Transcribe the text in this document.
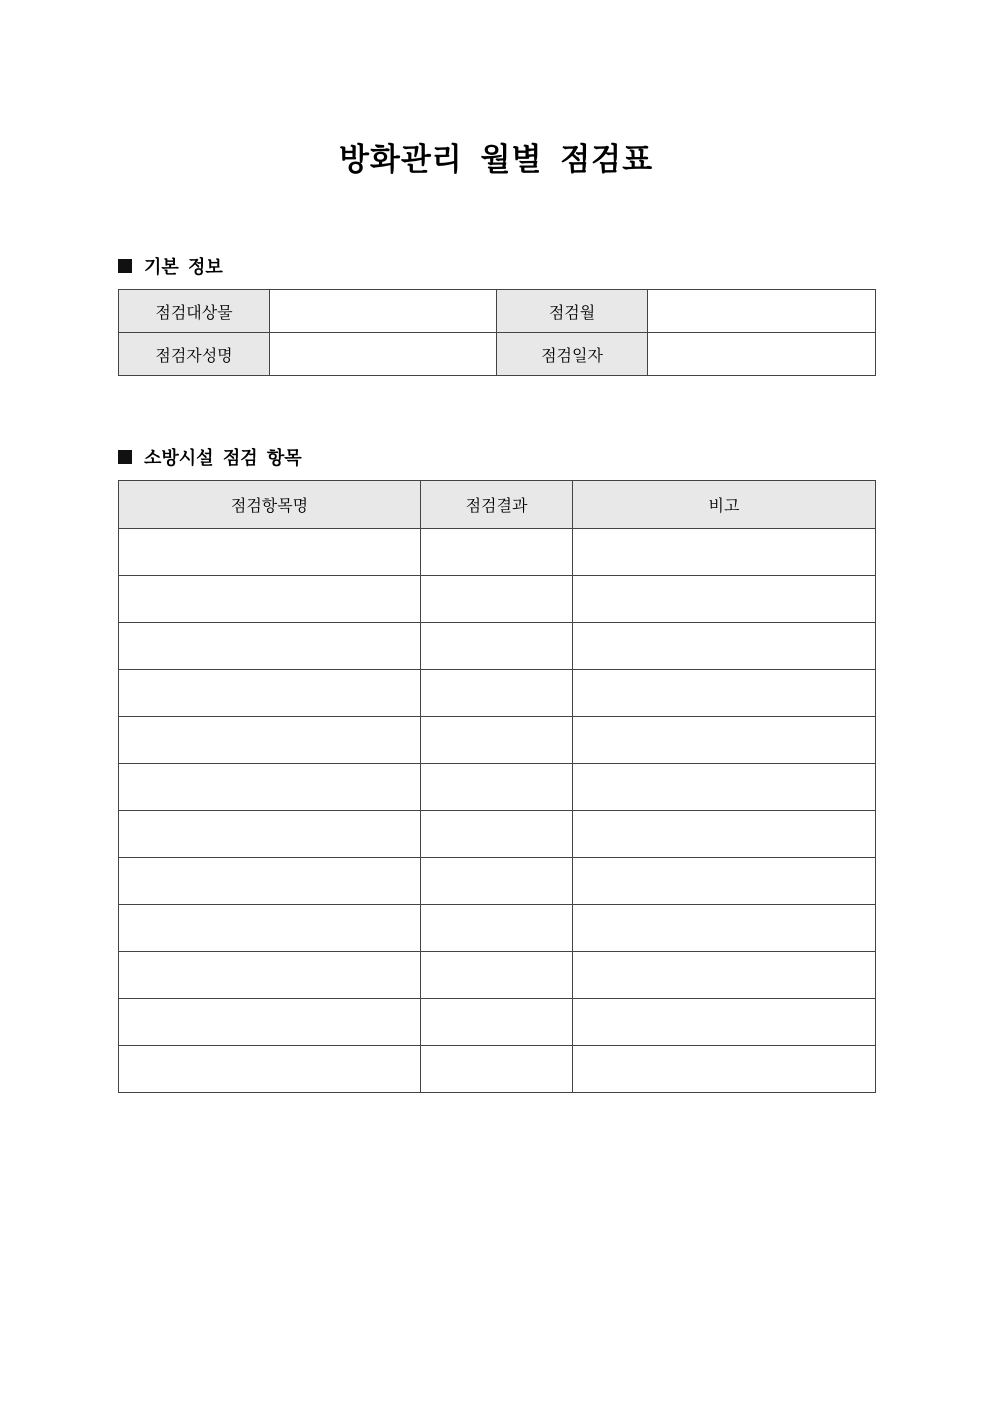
방화관리 월별 점검표
기본 정보
점검대상물		점검월	
점검자성명		점검일자	
소방시설 점검 항목
점검항목명	점검결과	비고
